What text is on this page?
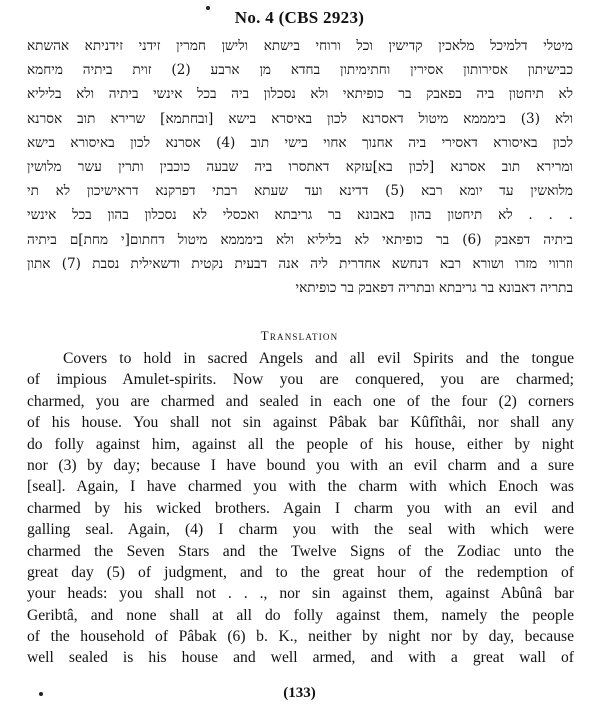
No. 4 (CBS 2923)
מיטלי דלמיכל מלאכין קדישין וכל ורוחי בישתא ולישן חמרין זידני זידניתא אהשתא
כבישיתון אסירותון אסירין וחתימיתון בחדא מן ארבע (2) זוית ביתיה מיחמא
לא תיחטון ביה בפאבק בר כופיתאי ולא נסכלון ביה בכל אינשי ביתיה ולא בליליא
ולא (3) בימממא מיטול דאסרנא לכון באיסרא בישא [ובחתמא] שרירא תוב אסרנא
לכון באיסורא דאסירי ביה אחנוך אחוי בישי תוב (4) אסרנא לכון באיסורא בישא
ומרירא תוב אסרנא [לכון בא]עזקא דאתסרו ביה שבעה כוכבין ותרין עשר מלושין
מלואשין עד יומא רבא (5) דדינא ועד שעתא רבתי דפרקנא דראישיכון לא תי
. . . לא תיחטון בהון באבונא בר גריבתא ואכסלי לא נסכלון בהון בכל אינשי
ביתיה דפאבק (6) בר כופיתאי לא בליליא ולא בימממא מיטול דחתום[י מחת]ם ביתיה
וזרווי מזרו ושורא רבא דנחשא אחדרית ליה אנה דבעית נקטית ודשאילית נסבת (7) אתון
בתריה דאבונא בר גריבתא ובתריה דפאבק בר כופיתאי
Translation
Covers to hold in sacred Angels and all evil Spirits and the tongue
of impious Amulet-spirits. Now you are conquered, you are charmed;
charmed, you are charmed and sealed in each one of the four (2) corners
of his house. You shall not sin against Pâbak bar Kûfîthâi, nor shall any
do folly against him, against all the people of his house, either by night
nor (3) by day; because I have bound you with an evil charm and a sure
[seal]. Again, I have charmed you with the charm with which Enoch was
charmed by his wicked brothers. Again I charm you with an evil and
galling seal. Again, (4) I charm you with the seal with which were
charmed the Seven Stars and the Twelve Signs of the Zodiac unto the
great day (5) of judgment, and to the great hour of the redemption of
your heads: you shall not . . ., nor sin against them, against Abûnâ bar
Geribtâ, and none shall at all do folly against them, namely the people
of the household of Pâbak (6) b. K., neither by night nor by day, because
well sealed is his house and well armed, and with a great wall of
(133)
